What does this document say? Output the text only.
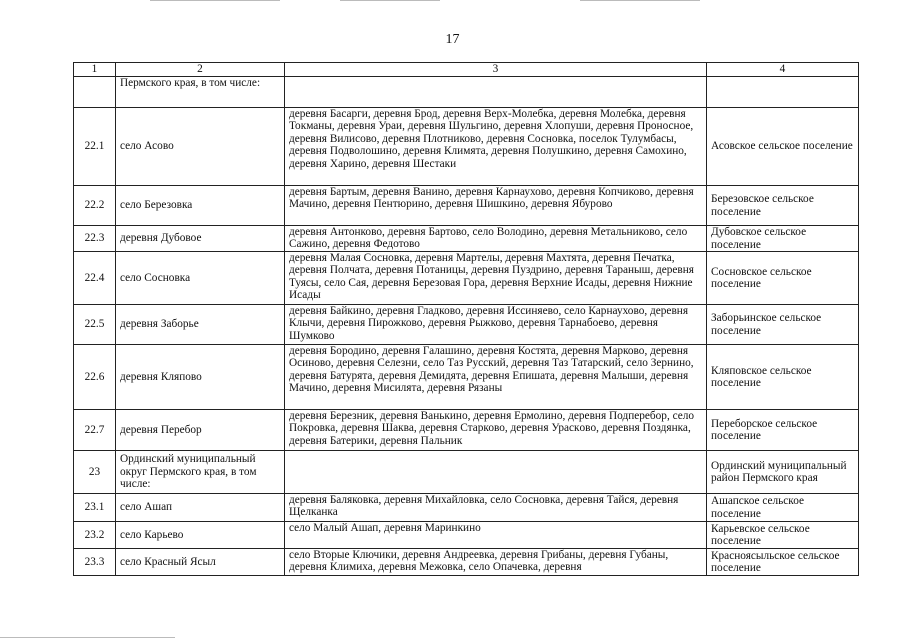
17
1	2	3	4
	Пермского края, в том числе:		
22.1	село Асово	деревня Басарги, деревня Брод, деревня Верх-Молебка, деревня Молебка, деревня Токманы, деревня Ураи, деревня Шульгино, деревня Хлопуши, деревня Проносное, деревня Вилисово, деревня Плотниково, деревня Сосновка, поселок Тулумбасы, деревня Подволошино, деревня Климята, деревня Полушкино, деревня Самохино, деревня Харино, деревня Шестаки	Асовское сельское поселение
22.2	село Березовка	деревня Бартым, деревня Ванино, деревня Карнаухово, деревня Копчиково, деревня Мачино, деревня Пентюрино, деревня Шишкино, деревня Ябурово	Березовское сельское поселение
22.3	деревня Дубовое	деревня Антонково, деревня Бартово, село Володино, деревня Метальниково, село Сажино, деревня Федотово	Дубовское сельское поселение
22.4	село Сосновка	деревня Малая Сосновка, деревня Мартелы, деревня Махтята, деревня Печатка, деревня Полчата, деревня Потаницы, деревня Пуздрино, деревня Тараныш, деревня Туясы, село Сая, деревня Березовая Гора, деревня Верхние Исады, деревня Нижние Исады	Сосновское сельское поселение
22.5	деревня Заборье	деревня Байкино, деревня Гладково, деревня Иссиняево, село Карнаухово, деревня Клычи, деревня Пирожково, деревня Рыжково, деревня Тарнабоево, деревня Шумково	Заборьинское сельское поселение
22.6	деревня Кляпово	деревня Бородино, деревня Галашино, деревня Костята, деревня Марково, деревня Осиново, деревня Селезни, село Таз Русский, деревня Таз Татарский, село Зернино, деревня Батурята, деревня Демидята, деревня Епишата, деревня Малыши, деревня Мачино, деревня Мисилята, деревня Рязаны	Кляповское сельское поселение
22.7	деревня Перебор	деревня Березник, деревня Ванькино, деревня Ермолино, деревня Подперебор, село Покровка, деревня Шаква, деревня Старково, деревня Ураскoво, деревня Поздянка, деревня Батерики, деревня Пальник	Переборское сельское поселение
23	Ординский муниципальный округ Пермского края, в том числе:		Ординский муниципальный район Пермского края
23.1	село Ашап	деревня Баляковка, деревня Михайловка, село Сосновка, деревня Тайся, деревня Щелканка	Ашапское сельское поселение
23.2	село Карьево	село Малый Ашап, деревня Маринкино	Карьевское сельское поселение
23.3	село Красный Ясыл	село Вторые Ключики, деревня Андреевка, деревня Грибаны, деревня Губаны, деревня Климиха, деревня Межовка, село Опачевка, деревня	Красноясыльское сельское поселение
